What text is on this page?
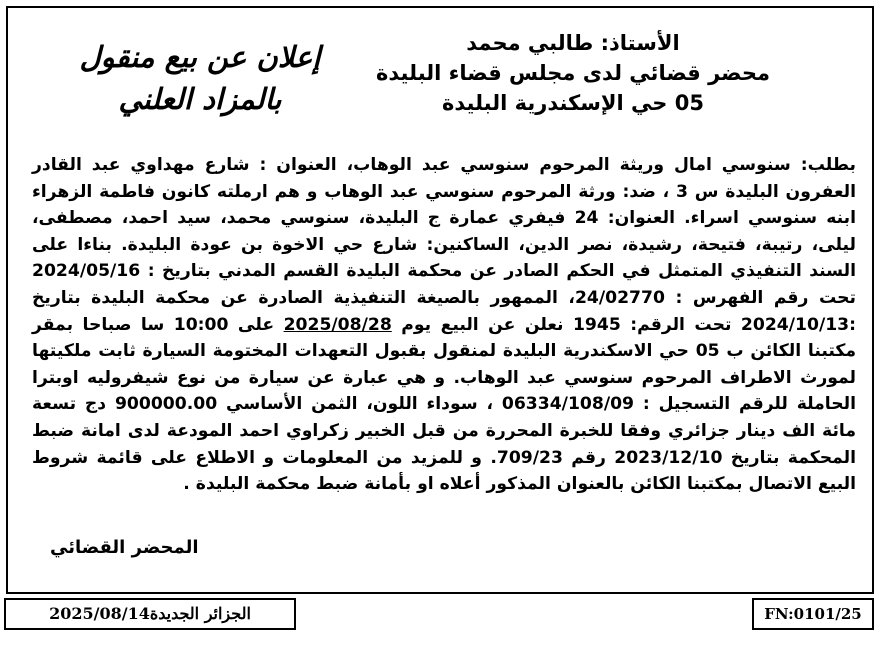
الأستاذ: طالبي محمد
محضر قضائي لدى مجلس قضاء البليدة
05 حي الإسكندرية البليدة
إعلان عن بيع منقول
بالمزاد العلني
بطلب: سنوسي امال وريثة المرحوم سنوسي عبد الوهاب، العنوان : شارع مهداوي عبد القادر العفرون البليدة س 3 ، ضد: ورثة المرحوم سنوسي عبد الوهاب و هم ارملته كانون فاطمة الزهراء ابنه سنوسي اسراء. العنوان: 24 فيفري عمارة ج البليدة، سنوسي محمد، سيد احمد، مصطفى، ليلى، رتيبة، فتيحة، رشيدة، نصر الدين، الساكنين: شارع حي الاخوة بن عودة البليدة. بناءا على السند التنفيذي المتمثل في الحكم الصادر عن محكمة البليدة القسم المدني بتاريخ : 2024/05/16 تحت رقم الفهرس : 24/02770، الممهور بالصيغة التنفيذية الصادرة عن محكمة البليدة بتاريخ :2024/10/13 تحت الرقم: 1945 نعلن عن البيع يوم 2025/08/28 على 10:00 سا صباحا بمقر مكتبنا الكائن ب 05 حي الاسكندرية البليدة لمنقول بقبول التعهدات المختومة السيارة ثابت ملكيتها لمورث الاطراف المرحوم سنوسي عبد الوهاب. و هي عبارة عن سيارة من نوع شيفروليه اوبترا الحاملة للرقم التسجيل : 06334/108/09 ، سوداء اللون، الثمن الأساسي 900000.00 دج تسعة مائة الف دينار جزائري وفقا للخبرة المحررة من قبل الخبير زكراوي احمد المودعة لدى امانة ضبط المحكمة بتاريخ 2023/12/10 رقم 709/23. و للمزيد من المعلومات و الاطلاع على قائمة شروط البيع الاتصال بمكتبنا الكائن بالعنوان المذكور أعلاه او بأمانة ضبط محكمة البليدة .
المحضر القضائي
الجزائر الجديدة2025/08/14	FN:0101/25
